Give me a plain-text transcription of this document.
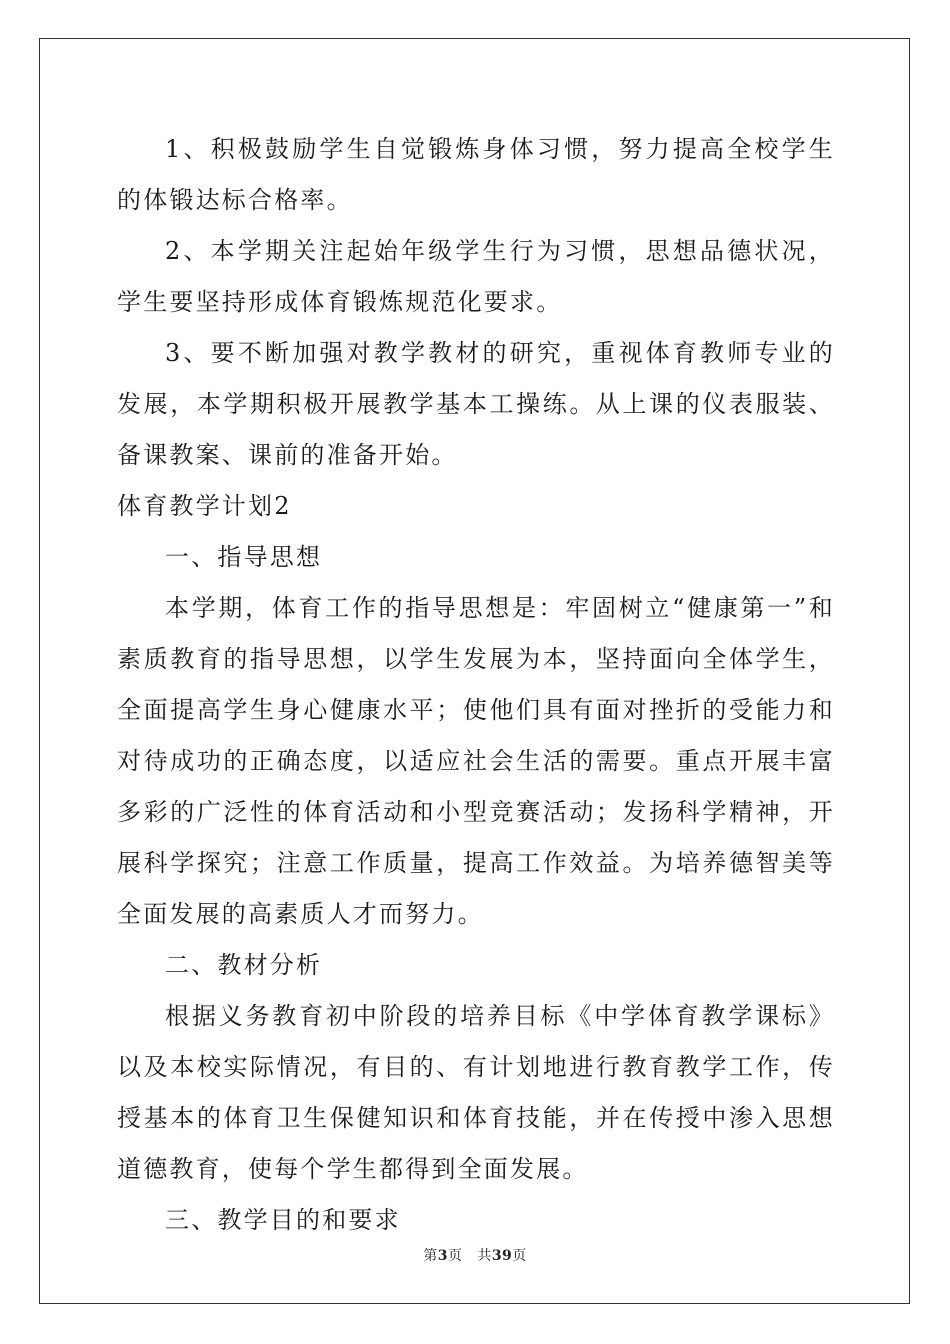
1、积极鼓励学生自觉锻炼身体习惯，努力提高全校学生的体锻达标合格率。

2、本学期关注起始年级学生行为习惯，思想品德状况，学生要坚持形成体育锻炼规范化要求。

3、要不断加强对教学教材的研究，重视体育教师专业的发展，本学期积极开展教学基本工操练。从上课的仪表服装、备课教案、课前的准备开始。

体育教学计划2

一、指导思想

本学期，体育工作的指导思想是：牢固树立“健康第一”和素质教育的指导思想，以学生发展为本，坚持面向全体学生，全面提高学生身心健康水平；使他们具有面对挫折的受能力和对待成功的正确态度，以适应社会生活的需要。重点开展丰富多彩的广泛性的体育活动和小型竞赛活动；发扬科学精神，开展科学探究；注意工作质量，提高工作效益。为培养德智美等全面发展的高素质人才而努力。

二、教材分析

根据义务教育初中阶段的培养目标《中学体育教学课标》以及本校实际情况，有目的、有计划地进行教育教学工作，传授基本的体育卫生保健知识和体育技能，并在传授中渗入思想道德教育，使每个学生都得到全面发展。

三、教学目的和要求

第3页 共39页
